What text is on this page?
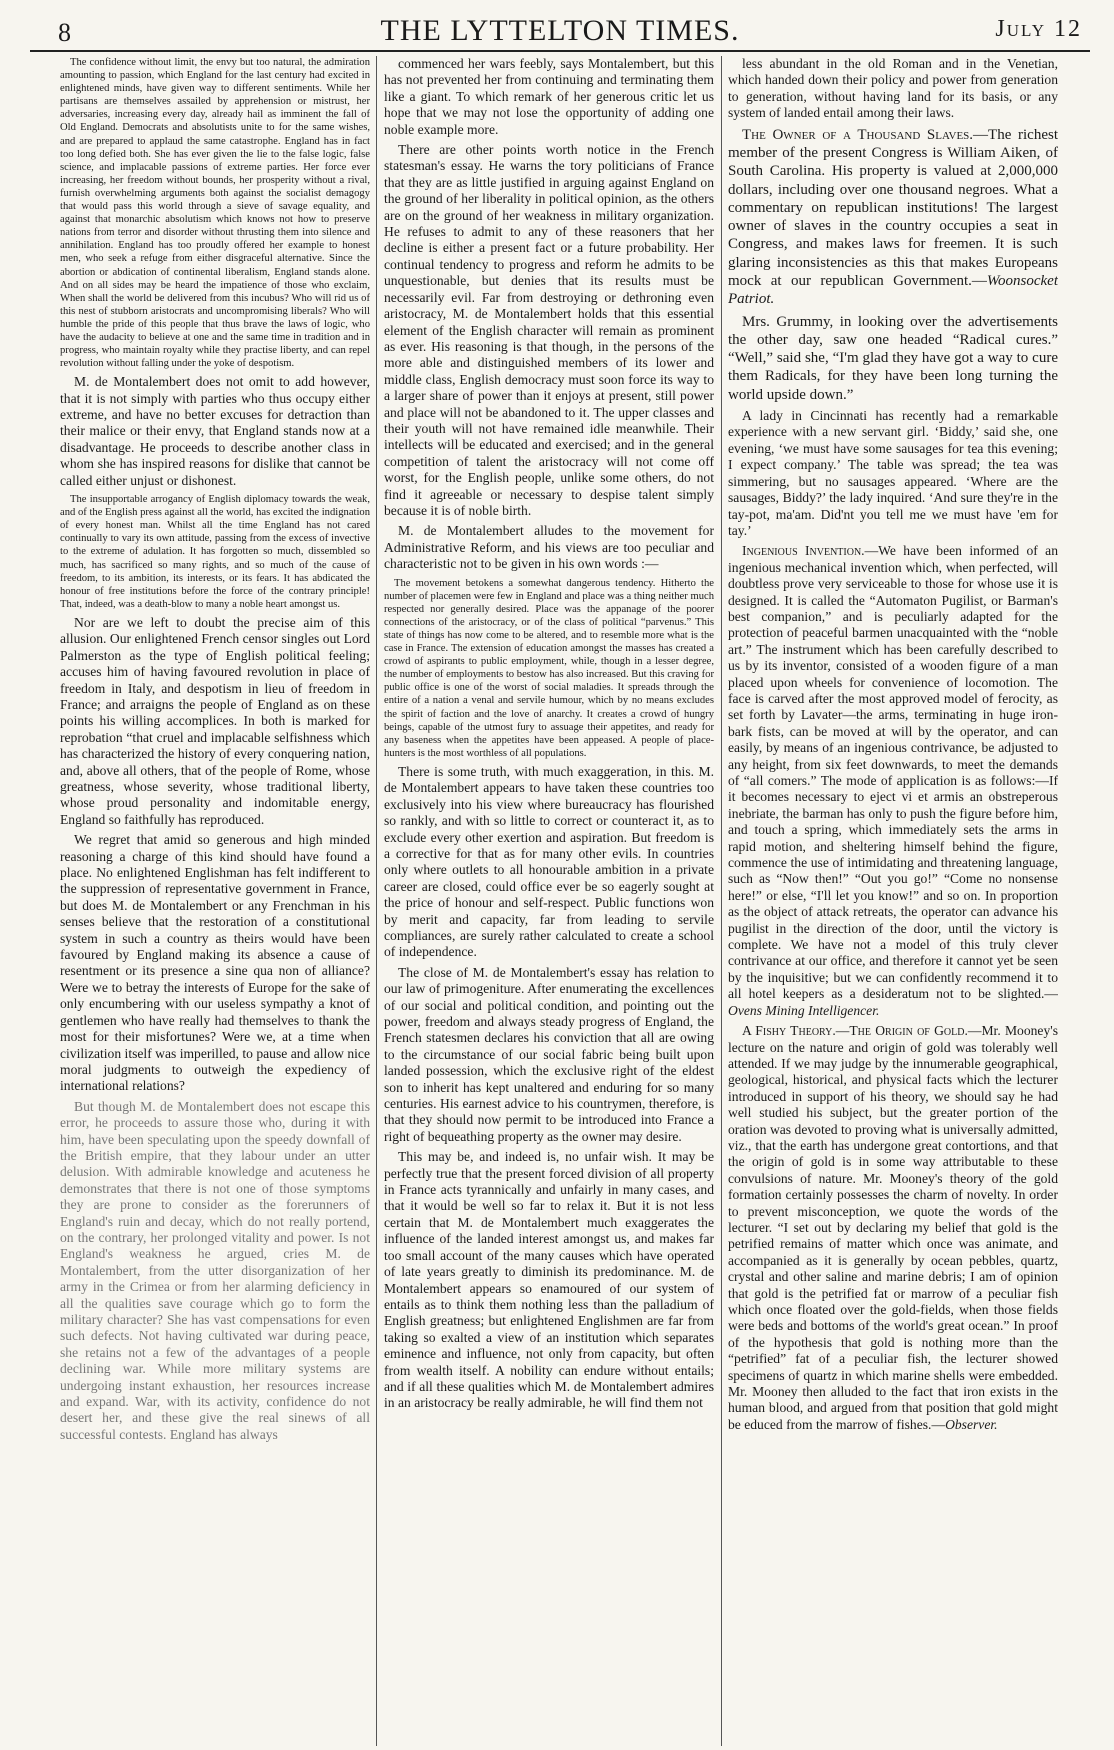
8	THE LYTTELTON TIMES.	July 12

The confidence without limit, the envy but too natural, the admiration amounting to passion, which England for the last century had excited in enlightened minds, have given way to different sentiments. While her partisans are themselves assailed by apprehension or mistrust, her adversaries, increasing every day, already hail as imminent the fall of Old England. Democrats and absolutists unite to for the same wishes, and are prepared to applaud the same catastrophe. England has in fact too long defied both. She has ever given the lie to the false logic, false science, and implacable passions of extreme parties. Her force ever increasing, her freedom without bounds, her prosperity without a rival, furnish overwhelming arguments both against the socialist demagogy that would pass this world through a sieve of savage equality, and against that monarchic absolutism which knows not how to preserve nations from terror and disorder without thrusting them into silence and annihilation. England has too proudly offered her example to honest men, who seek a refuge from either disgraceful alternative. Since the abortion or abdication of continental liberalism, England stands alone. And on all sides may be heard the impatience of those who exclaim, When shall the world be delivered from this incubus? Who will rid us of this nest of stubborn aristocrats and uncompromising liberals? Who will humble the pride of this people that thus brave the laws of logic, who have the audacity to believe at one and the same time in tradition and in progress, who maintain royalty while they practise liberty, and can repel revolution without falling under the yoke of despotism.

M. de Montalembert does not omit to add however, that it is not simply with parties who thus occupy either extreme, and have no better excuses for detraction than their malice or their envy, that England stands now at a disadvantage. He proceeds to describe another class in whom she has inspired reasons for dislike that cannot be called either unjust or dishonest.

The insupportable arrogancy of English diplomacy towards the weak, and of the English press against all the world, has excited the indignation of every honest man. Whilst all the time England has not cared continually to vary its own attitude, passing from the excess of invective to the extreme of adulation. It has forgotten so much, dissembled so much, has sacrificed so many rights, and so much of the cause of freedom, to its ambition, its interests, or its fears. It has abdicated the honour of free institutions before the force of the contrary principle! That, indeed, was a death-blow to many a noble heart amongst us.

Nor are we left to doubt the precise aim of this allusion. Our enlightened French censor singles out Lord Palmerston as the type of English political feeling; accuses him of having favoured revolution in place of freedom in Italy, and despotism in lieu of freedom in France; and arraigns the people of England as on these points his willing accomplices. In both is marked for reprobation “that cruel and implacable selfishness which has characterized the history of every conquering nation, and, above all others, that of the people of Rome, whose greatness, whose severity, whose traditional liberty, whose proud personality and indomitable energy, England so faithfully has reproduced.

We regret that amid so generous and high minded reasoning a charge of this kind should have found a place. No enlightened Englishman has felt indifferent to the suppression of representative government in France, but does M. de Montalembert or any Frenchman in his senses believe that the restoration of a constitutional system in such a country as theirs would have been favoured by England making its absence a cause of resentment or its presence a sine qua non of alliance? Were we to betray the interests of Europe for the sake of only encumbering with our useless sympathy a knot of gentlemen who have really had themselves to thank the most for their misfortunes? Were we, at a time when civilization itself was imperilled, to pause and allow nice moral judgments to outweigh the expediency of international relations?

But though M. de Montalembert does not escape this error, he proceeds to assure those who, during it with him, have been speculating upon the speedy downfall of the British empire, that they labour under an utter delusion. With admirable knowledge and acuteness he demonstrates that there is not one of those symptoms they are prone to consider as the forerunners of England's ruin and decay, which do not really portend, on the contrary, her prolonged vitality and power. Is not England's weakness he argued, cries M. de Montalembert, from the utter disorganization of her army in the Crimea or from her alarming deficiency in all the qualities save courage which go to form the military character? She has vast compensations for even such defects. Not having cultivated war during peace, she retains not a few of the advantages of a people declining war. While more military systems are undergoing instant exhaustion, her resources increase and expand. War, with its activity, confidence do not desert her, and these give the real sinews of all successful contests. England has always

commenced her wars feebly, says Montalembert, but this has not prevented her from continuing and terminating them like a giant. To which remark of her generous critic let us hope that we may not lose the opportunity of adding one noble example more.

There are other points worth notice in the French statesman's essay. He warns the tory politicians of France that they are as little justified in arguing against England on the ground of her liberality in political opinion, as the others are on the ground of her weakness in military organization. He refuses to admit to any of these reasoners that her decline is either a present fact or a future probability. Her continual tendency to progress and reform he admits to be unquestionable, but denies that its results must be necessarily evil. Far from destroying or dethroning even aristocracy, M. de Montalembert holds that this essential element of the English character will remain as prominent as ever. His reasoning is that though, in the persons of the more able and distinguished members of its lower and middle class, English democracy must soon force its way to a larger share of power than it enjoys at present, still power and place will not be abandoned to it. The upper classes and their youth will not have remained idle meanwhile. Their intellects will be educated and exercised; and in the general competition of talent the aristocracy will not come off worst, for the English people, unlike some others, do not find it agreeable or necessary to despise talent simply because it is of noble birth.

M. de Montalembert alludes to the movement for Administrative Reform, and his views are too peculiar and characteristic not to be given in his own words :—

The movement betokens a somewhat dangerous tendency. Hitherto the number of placemen were few in England and place was a thing neither much respected nor generally desired. Place was the appanage of the poorer connections of the aristocracy, or of the class of political “parvenus.” This state of things has now come to be altered, and to resemble more what is the case in France. The extension of education amongst the masses has created a crowd of aspirants to public employment, while, though in a lesser degree, the number of employments to bestow has also increased. But this craving for public office is one of the worst of social maladies. It spreads through the entire of a nation a venal and servile humour, which by no means excludes the spirit of faction and the love of anarchy. It creates a crowd of hungry beings, capable of the utmost fury to assuage their appetites, and ready for any baseness when the appetites have been appeased. A people of place-hunters is the most worthless of all populations.

There is some truth, with much exaggeration, in this. M. de Montalembert appears to have taken these countries too exclusively into his view where bureaucracy has flourished so rankly, and with so little to correct or counteract it, as to exclude every other exertion and aspiration. But freedom is a corrective for that as for many other evils. In countries only where outlets to all honourable ambition in a private career are closed, could office ever be so eagerly sought at the price of honour and self-respect. Public functions won by merit and capacity, far from leading to servile compliances, are surely rather calculated to create a school of independence.

The close of M. de Montalembert's essay has relation to our law of primogeniture. After enumerating the excellences of our social and political condition, and pointing out the power, freedom and always steady progress of England, the French statesmen declares his conviction that all are owing to the circumstance of our social fabric being built upon landed possession, which the exclusive right of the eldest son to inherit has kept unaltered and enduring for so many centuries. His earnest advice to his countrymen, therefore, is that they should now permit to be introduced into France a right of bequeathing property as the owner may desire.

This may be, and indeed is, no unfair wish. It may be perfectly true that the present forced division of all property in France acts tyrannically and unfairly in many cases, and that it would be well so far to relax it. But it is not less certain that M. de Montalembert much exaggerates the influence of the landed interest amongst us, and makes far too small account of the many causes which have operated of late years greatly to diminish its predominance. M. de Montalembert appears so enamoured of our system of entails as to think them nothing less than the palladium of English greatness; but enlightened Englishmen are far from taking so exalted a view of an institution which separates eminence and influence, not only from capacity, but often from wealth itself. A nobility can endure without entails; and if all these qualities which M. de Montalembert admires in an aristocracy be really admirable, he will find them not

less abundant in the old Roman and in the Venetian, which handed down their policy and power from generation to generation, without having land for its basis, or any system of landed entail among their laws.

The Owner of a Thousand Slaves.—The richest member of the present Congress is William Aiken, of South Carolina. His property is valued at 2,000,000 dollars, including over one thousand negroes. What a commentary on republican institutions! The largest owner of slaves in the country occupies a seat in Congress, and makes laws for freemen. It is such glaring inconsistencies as this that makes Europeans mock at our republican Government.—Woonsocket Patriot.

Mrs. Grummy, in looking over the advertisements the other day, saw one headed “Radical cures.” “Well,” said she, “I'm glad they have got a way to cure them Radicals, for they have been long turning the world upside down.”

A lady in Cincinnati has recently had a remarkable experience with a new servant girl. ‘Biddy,’ said she, one evening, ‘we must have some sausages for tea this evening; I expect company.’ The table was spread; the tea was simmering, but no sausages appeared. ‘Where are the sausages, Biddy?’ the lady inquired. ‘And sure they're in the tay-pot, ma'am. Did'nt you tell me we must have 'em for tay.’

Ingenious Invention.—We have been informed of an ingenious mechanical invention which, when perfected, will doubtless prove very serviceable to those for whose use it is designed. It is called the “Automaton Pugilist, or Barman's best companion,” and is peculiarly adapted for the protection of peaceful barmen unacquainted with the “noble art.” The instrument which has been carefully described to us by its inventor, consisted of a wooden figure of a man placed upon wheels for convenience of locomotion. The face is carved after the most approved model of ferocity, as set forth by Lavater—the arms, terminating in huge iron-bark fists, can be moved at will by the operator, and can easily, by means of an ingenious contrivance, be adjusted to any height, from six feet downwards, to meet the demands of “all comers.” The mode of application is as follows:—If it becomes necessary to eject vi et armis an obstreperous inebriate, the barman has only to push the figure before him, and touch a spring, which immediately sets the arms in rapid motion, and sheltering himself behind the figure, commence the use of intimidating and threatening language, such as “Now then!” “Out you go!” “Come no nonsense here!” or else, “I'll let you know!” and so on. In proportion as the object of attack retreats, the operator can advance his pugilist in the direction of the door, until the victory is complete. We have not a model of this truly clever contrivance at our office, and therefore it cannot yet be seen by the inquisitive; but we can confidently recommend it to all hotel keepers as a desideratum not to be slighted.—Ovens Mining Intelligencer.

A Fishy Theory.—The Origin of Gold.—Mr. Mooney's lecture on the nature and origin of gold was tolerably well attended. If we may judge by the innumerable geographical, geological, historical, and physical facts which the lecturer introduced in support of his theory, we should say he had well studied his subject, but the greater portion of the oration was devoted to proving what is universally admitted, viz., that the earth has undergone great contortions, and that the origin of gold is in some way attributable to these convulsions of nature. Mr. Mooney's theory of the gold formation certainly possesses the charm of novelty. In order to prevent misconception, we quote the words of the lecturer. “I set out by declaring my belief that gold is the petrified remains of matter which once was animate, and accompanied as it is generally by ocean pebbles, quartz, crystal and other saline and marine debris; I am of opinion that gold is the petrified fat or marrow of a peculiar fish which once floated over the gold-fields, when those fields were beds and bottoms of the world's great ocean.” In proof of the hypothesis that gold is nothing more than the “petrified” fat of a peculiar fish, the lecturer showed specimens of quartz in which marine shells were embedded. Mr. Mooney then alluded to the fact that iron exists in the human blood, and argued from that position that gold might be educed from the marrow of fishes.—Observer.
